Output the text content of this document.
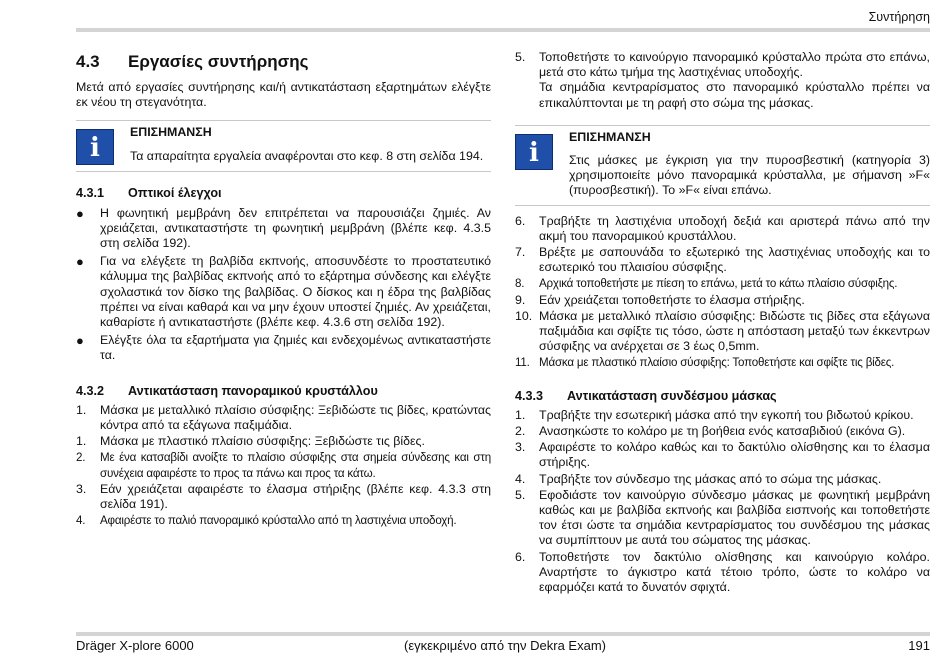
Συντήρηση
4.3	Εργασίες συντήρησης

Μετά από εργασίες συντήρησης και/ή αντικατάσταση εξαρτημάτων ελέγξτε εκ νέου τη στεγανότητα.

i
ΕΠΙΣΗΜΑΝΣΗ

Τα απαραίτητα εργαλεία αναφέρονται στο κεφ. 8 στη σελίδα 194.

4.3.1	Οπτικοί έλεγχοι
●	Η φωνητική μεμβράνη δεν επιτρέπεται να παρουσιάζει ζημιές. Αν χρειάζεται, αντικαταστήστε τη φωνητική μεμβράνη (βλέπε κεφ. 4.3.5 στη σελίδα 192).
●	Για να ελέγξετε τη βαλβίδα εκπνοής, αποσυνδέστε το προστατευτικό κάλυμμα της βαλβίδας εκπνοής από το εξάρτημα σύνδεσης και ελέγξτε σχολαστικά τον δίσκο της βαλβίδας. Ο δίσκος και η έδρα της βαλβίδας πρέπει να είναι καθαρά και να μην έχουν υποστεί ζημιές. Αν χρειάζεται, καθαρίστε ή αντικαταστήστε (βλέπε κεφ. 4.3.6 στη σελίδα 192).
●	Ελέγξτε όλα τα εξαρτήματα για ζημιές και ενδεχομένως αντικαταστήστε τα.
4.3.2	Αντικατάσταση πανοραμικού κρυστάλλου
1.	Μάσκα με μεταλλικό πλαίσιο σύσφιξης: Ξεβιδώστε τις βίδες, κρατώντας κόντρα από τα εξάγωνα παξιμάδια.
1.	Μάσκα με πλαστικό πλαίσιο σύσφιξης: Ξεβιδώστε τις βίδες.
2.	Με ένα κατσαβίδι ανοίξτε το πλαίσιο σύσφιξης στα σημεία σύνδεσης και στη συνέχεια αφαιρέστε το προς τα πάνω και προς τα κάτω.
3.	Εάν χρειάζεται αφαιρέστε το έλασμα στήριξης (βλέπε κεφ. 4.3.3 στη σελίδα 191).
4.	Αφαιρέστε το παλιό πανοραμικό κρύσταλλο από τη λαστιχένια υποδοχή.
5.	Τοποθετήστε το καινούργιο πανοραμικό κρύσταλλο πρώτα στο επάνω, μετά στο κάτω τμήμα της λαστιχένιας υποδοχής.
Τα σημάδια κεντραρίσματος στο πανοραμικό κρύσταλλο πρέπει να επικαλύπτονται με τη ραφή στο σώμα της μάσκας.
i
ΕΠΙΣΗΜΑΝΣΗ

Στις μάσκες με έγκριση για την πυροσβεστική (κατηγορία 3) χρησιμοποιείτε μόνο πανοραμικά κρύσταλλα, με σήμανση »F« (πυροσβεστική). Το »F« είναι επάνω.

6.	Τραβήξτε τη λαστιχένια υποδοχή δεξιά και αριστερά πάνω από την ακμή του πανοραμικού κρυστάλλου.
7.	Βρέξτε με σαπουνάδα το εξωτερικό της λαστιχένιας υποδοχής και το εσωτερικό του πλαισίου σύσφιξης.
8.	Αρχικά τοποθετήστε με πίεση το επάνω, μετά το κάτω πλαίσιο σύσφιξης.
9.	Εάν χρειάζεται τοποθετήστε το έλασμα στήριξης.
10. Μάσκα με μεταλλικό πλαίσιο σύσφιξης: Βιδώστε τις βίδες στα εξάγωνα παξιμάδια και σφίξτε τις τόσο, ώστε η απόσταση μεταξύ των έκκεντρων σύσφιξης να ανέρχεται σε 3 έως 0,5mm.
11. Μάσκα με πλαστικό πλαίσιο σύσφιξης: Τοποθετήστε και σφίξτε τις βίδες.
4.3.3	Αντικατάσταση συνδέσμου μάσκας
1.	Τραβήξτε την εσωτερική μάσκα από την εγκοπή του βιδωτού κρίκου.
2.	Ανασηκώστε το κολάρο με τη βοήθεια ενός κατσαβιδιού (εικόνα G).
3.	Αφαιρέστε το κολάρο καθώς και το δακτύλιο ολίσθησης και το έλασμα στήριξης.
4.	Τραβήξτε τον σύνδεσμο της μάσκας από το σώμα της μάσκας.
5.	Εφοδιάστε τον καινούργιο σύνδεσμο μάσκας με φωνητική μεμβράνη καθώς και με βαλβίδα εκπνοής και βαλβίδα εισπνοής και τοποθετήστε τον έτσι ώστε τα σημάδια κεντραρίσματος του συνδέσμου της μάσκας να συμπίπτουν με αυτά του σώματος της μάσκας.
6.	Τοποθετήστε τον δακτύλιο ολίσθησης και καινούργιο κολάρο. Αναρτήστε το άγκιστρο κατά τέτοιο τρόπο, ώστε το κολάρο να εφαρμόζει κατά το δυνατόν σφιχτά.
Dräger X-plore 6000	(εγκεκριμένο από την Dekra Exam)	191
